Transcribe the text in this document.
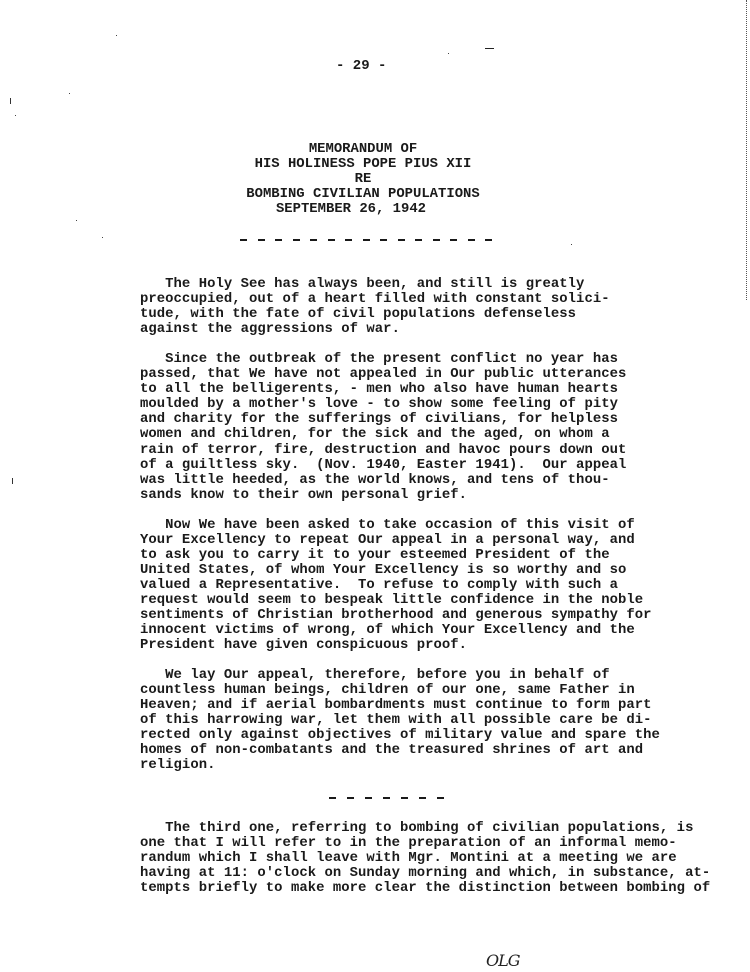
- 29 -
MEMORANDUM OF
HIS HOLINESS POPE PIUS XII
RE
BOMBING CIVILIAN POPULATIONS
SEPTEMBER 26, 1942
The Holy See has always been, and still is greatly
preoccupied, out of a heart filled with constant solici-
tude, with the fate of civil populations defenseless
against the aggressions of war.
Since the outbreak of the present conflict no year has
passed, that We have not appealed in Our public utterances
to all the belligerents, - men who also have human hearts
moulded by a mother's love - to show some feeling of pity
and charity for the sufferings of civilians, for helpless
women and children, for the sick and the aged, on whom a
rain of terror, fire, destruction and havoc pours down out
of a guiltless sky.  (Nov. 1940, Easter 1941).  Our appeal
was little heeded, as the world knows, and tens of thou-
sands know to their own personal grief.
Now We have been asked to take occasion of this visit of
Your Excellency to repeat Our appeal in a personal way, and
to ask you to carry it to your esteemed President of the
United States, of whom Your Excellency is so worthy and so
valued a Representative.  To refuse to comply with such a
request would seem to bespeak little confidence in the noble
sentiments of Christian brotherhood and generous sympathy for
innocent victims of wrong, of which Your Excellency and the
President have given conspicuous proof.
We lay Our appeal, therefore, before you in behalf of
countless human beings, children of our one, same Father in
Heaven; and if aerial bombardments must continue to form part
of this harrowing war, let them with all possible care be di-
rected only against objectives of military value and spare the
homes of non-combatants and the treasured shrines of art and
religion.
The third one, referring to bombing of civilian populations, is
one that I will refer to in the preparation of an informal memo-
randum which I shall leave with Mgr. Montini at a meeting we are
having at 11: o'clock on Sunday morning and which, in substance, at-
tempts briefly to make more clear the distinction between bombing of
OLG
